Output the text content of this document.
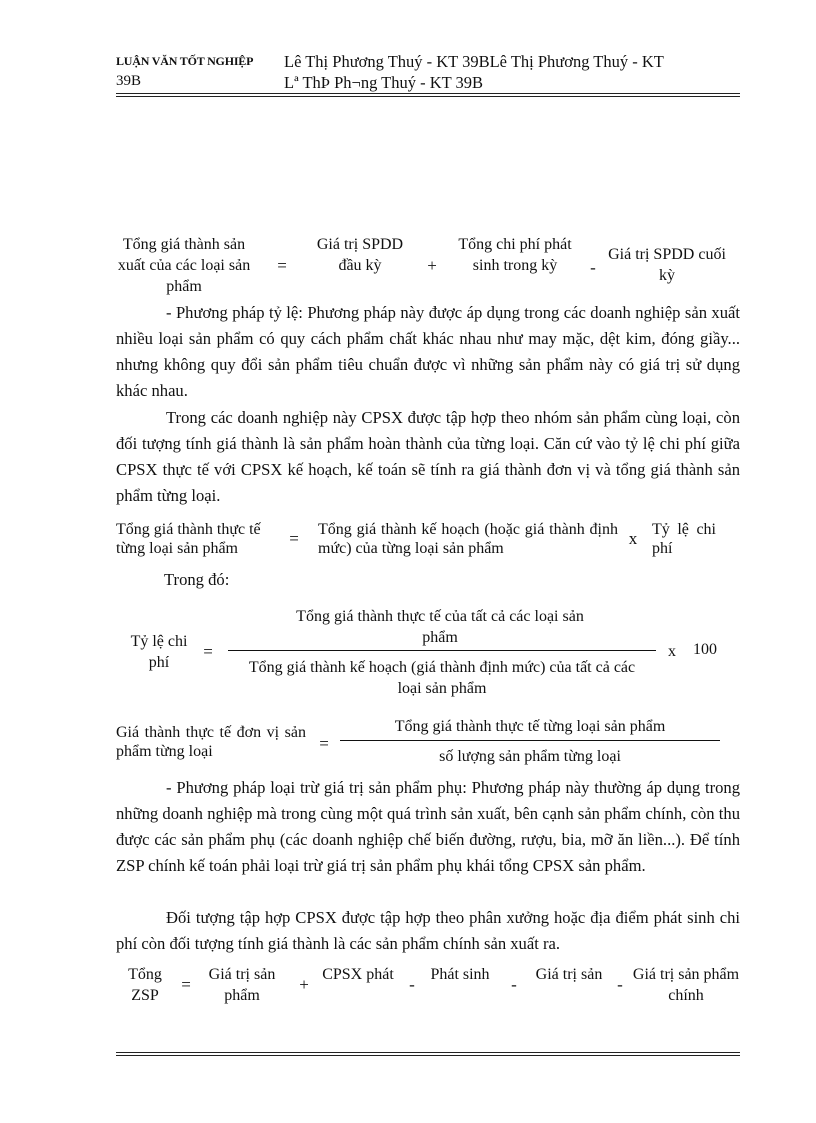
LUẬN VĂN TỐT NGHIỆP
39B
Lê Thị Phương Thuý - KT 39BLê Thị Phương Thuý - KT
Lª ThÞ Ph¬ng Thuý - KT 39B
Tổng giá thành sản xuất của các loại sản phẩm
=
Giá trị SPDD đầu kỳ	+
Tổng chi phí phát sinh trong kỳ	-
Giá trị SPDD cuối kỳ
- Phương pháp tỷ lệ: Phương pháp này được áp dụng trong các doanh nghiệp sản xuất nhiều loại sản phẩm có quy cách phẩm chất khác nhau như may mặc, dệt kim, đóng giầy... nhưng không quy đổi sản phẩm tiêu chuẩn được vì những sản phẩm này có giá trị sử dụng khác nhau.
Trong các doanh nghiệp này CPSX được tập hợp theo nhóm sản phẩm cùng loại, còn đối tượng tính giá thành là sản phẩm hoàn thành của từng loại. Căn cứ vào tỷ lệ chi phí giữa CPSX thực tế với CPSX kế hoạch, kế toán sẽ tính ra giá thành đơn vị và tổng giá thành sản phẩm từng loại.
Tổng giá thành thực tế từng loại sản phẩm
=	Tổng giá thành kế hoạch (hoặc giá thành định mức) của từng loại sản phẩm
x Tỷ lệ chi phí
Trong đó:
Tỷ lệ chi phí
=
Tổng giá thành thực tế của tất cả các loại sản phẩm
Tổng giá thành kế hoạch (giá thành định mức) của tất cả các loại sản phẩm
x	100
Giá thành thực tế đơn vị sản phẩm từng loại	=
Tổng giá thành thực tế từng loại sản phẩm
số lượng sản phẩm từng loại
- Phương pháp loại trừ giá trị sản phẩm phụ: Phương pháp này thường áp dụng trong những doanh nghiệp mà trong cùng một quá trình sản xuất, bên cạnh sản phẩm chính, còn thu được các sản phẩm phụ (các doanh nghiệp chế biến đường, rượu, bia, mỡ ăn liền...). Để tính ZSP chính kế toán phải loại trừ giá trị sản phẩm phụ khái tổng CPSX sản phẩm.
Đối tượng tập hợp CPSX được tập hợp theo phân xưởng hoặc địa điểm phát sinh chi phí còn đối tượng tính giá thành là các sản phẩm chính sản xuất ra.
Tổng ZSP
=
Giá trị sản phẩm
+
CPSX phát
-
Phát sinh
-
Giá trị sản
-
Giá trị sản phẩm chính
